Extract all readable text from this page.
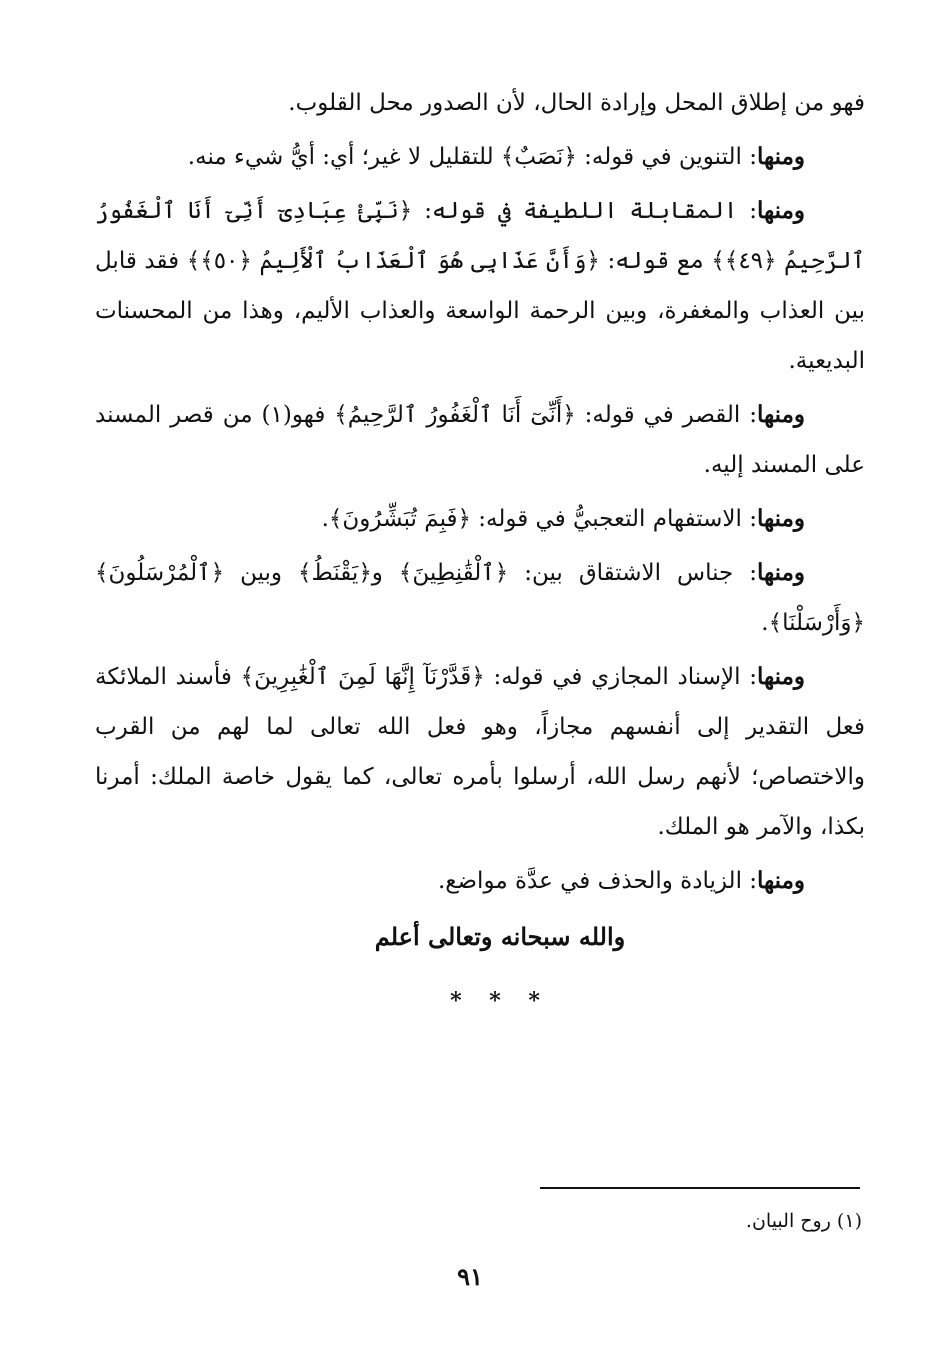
فهو من إطلاق المحل وإرادة الحال، لأن الصدور محل القلوب.

ومنها: التنوين في قوله: ﴿نَصَبٌ﴾ للتقليل لا غير؛ أي: أيُّ شيء منه.

ومنها: المقابلة اللطيفة في قوله: ﴿نَبِّئْ عِبَادِىٓ أَنِّىٓ أَنَا ٱلْغَفُورُ ٱلرَّحِيمُ ﴿٤٩﴾﴾ مع قوله: ﴿وَأَنَّ عَذَابِى هُوَ ٱلْعَذَابُ ٱلْأَلِيمُ ﴿٥٠﴾﴾ فقد قابل بين العذاب والمغفرة، وبين الرحمة الواسعة والعذاب الأليم، وهذا من المحسنات البديعية.

ومنها: القصر في قوله: ﴿أَنِّىٓ أَنَا ٱلْغَفُورُ ٱلرَّحِيمُ﴾ فهو(١) من قصر المسند على المسند إليه.

ومنها: الاستفهام التعجبيُّ في قوله: ﴿فَبِمَ تُبَشِّرُونَ﴾.

ومنها: جناس الاشتقاق بين: ﴿ٱلْقَٰنِطِينَ﴾ و﴿يَقْنَطُ﴾ وبين ﴿ٱلْمُرْسَلُونَ﴾ ﴿وَأَرْسَلْنَا﴾.

ومنها: الإسناد المجازي في قوله: ﴿قَدَّرْنَآ إِنَّهَا لَمِنَ ٱلْغَٰبِرِينَ﴾ فأسند الملائكة فعل التقدير إلى أنفسهم مجازاً، وهو فعل الله تعالى لما لهم من القرب والاختصاص؛ لأنهم رسل الله، أرسلوا بأمره تعالى، كما يقول خاصة الملك: أمرنا بكذا، والآمر هو الملك.

ومنها: الزيادة والحذف في عدَّة مواضع.

والله سبحانه وتعالى أعلم
* * *
(١) روح البيان.
٩١
